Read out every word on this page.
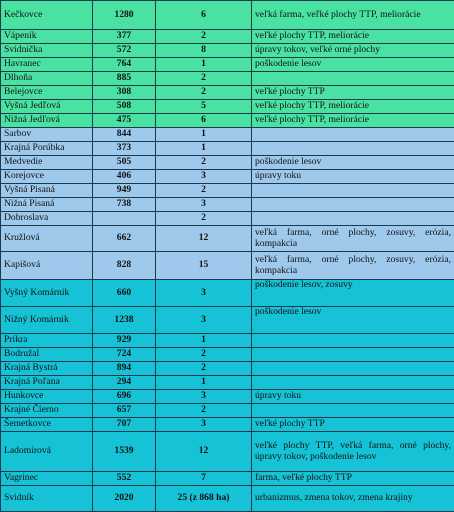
Kečkovce	1280	6	veľká farma, veľké plochy TTP, meliorácie
Vápeník	377	2	veľké plochy TTP, meliorácie
Svidnička	572	8	úpravy tokov, veľké orné plochy
Havranec	764	1	poškodenie lesov
Dlhoňa	885	2	
Belejovce	308	2	veľké plochy TTP
Vyšná Jedľová	508	5	veľké plochy TTP, meliorácie
Nižná Jedľová	475	6	veľké plochy TTP, meliorácie
Sarbov	844	1	
Krajná Porúbka	373	1	
Medvedie	505	2	poškodenie lesov
Korejovce	406	3	úpravy toku
Vyšná Pisaná	949	2	
Nižná Pisaná	738	3	
Dobroslava		2	
Kružlová	662	12	veľká farma, orné plochy, zosuvy, erózia, kompakcia
Kapišová	828	15	veľká farma, orné plochy, zosuvy, erózia, kompakcia
Vyšný Komárnik	660	3	poškodenie lesov, zosuvy
Nižný Komárnik	1238	3	poškodenie lesov
Príkra	929	1	
Bodružal	724	2	
Krajná Bystrá	894	2	
Krajná Poľana	294	1	
Hunkovce	696	3	úpravy toku
Krajné Čierno	657	2	
Šemetkovce	707	3	veľké plochy TTP
Ladomírová	1539	12	veľké plochy TTP, veľká farma, orné plochy, úpravy tokov, poškodenie lesov
Vagrinec	552	7	farma, veľké plochy TTP
Svidník	2020	25 (z 868 ha)	urbanizmus, zmena tokov, zmena krajiny
